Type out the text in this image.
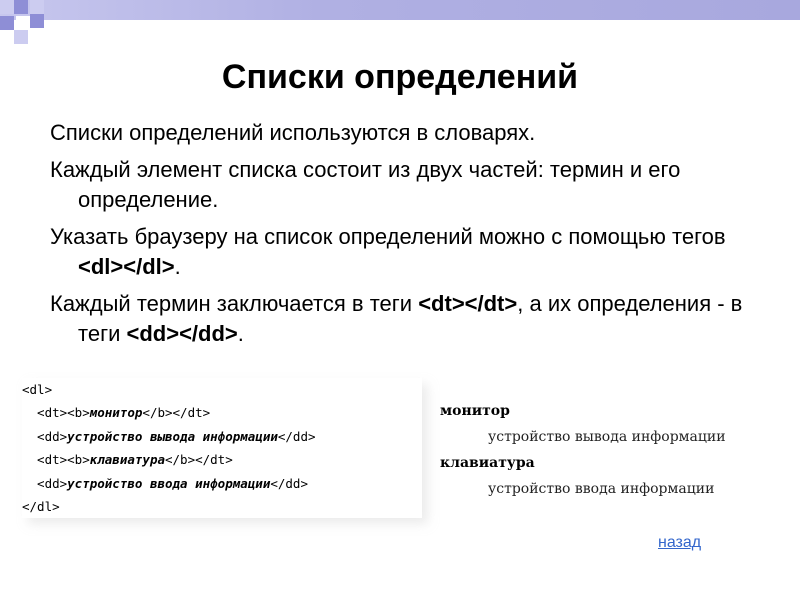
Списки определений
Списки определений используются в словарях.
Каждый элемент списка состоит из двух частей: термин и его определение.
Указать браузеру на список определений можно с помощью тегов <dl></dl>.
Каждый термин заключается в теги <dt></dt>, а их определения - в теги <dd></dd>.
<dl>
<dt><b>монитор</b></dt>
<dd>устройство вывода информации</dd>
<dt><b>клавиатура</b></dt>
<dd>устройство ввода информации</dd>
</dl>
монитор
устройство вывода информации
клавиатура
устройство ввода информации
назад
